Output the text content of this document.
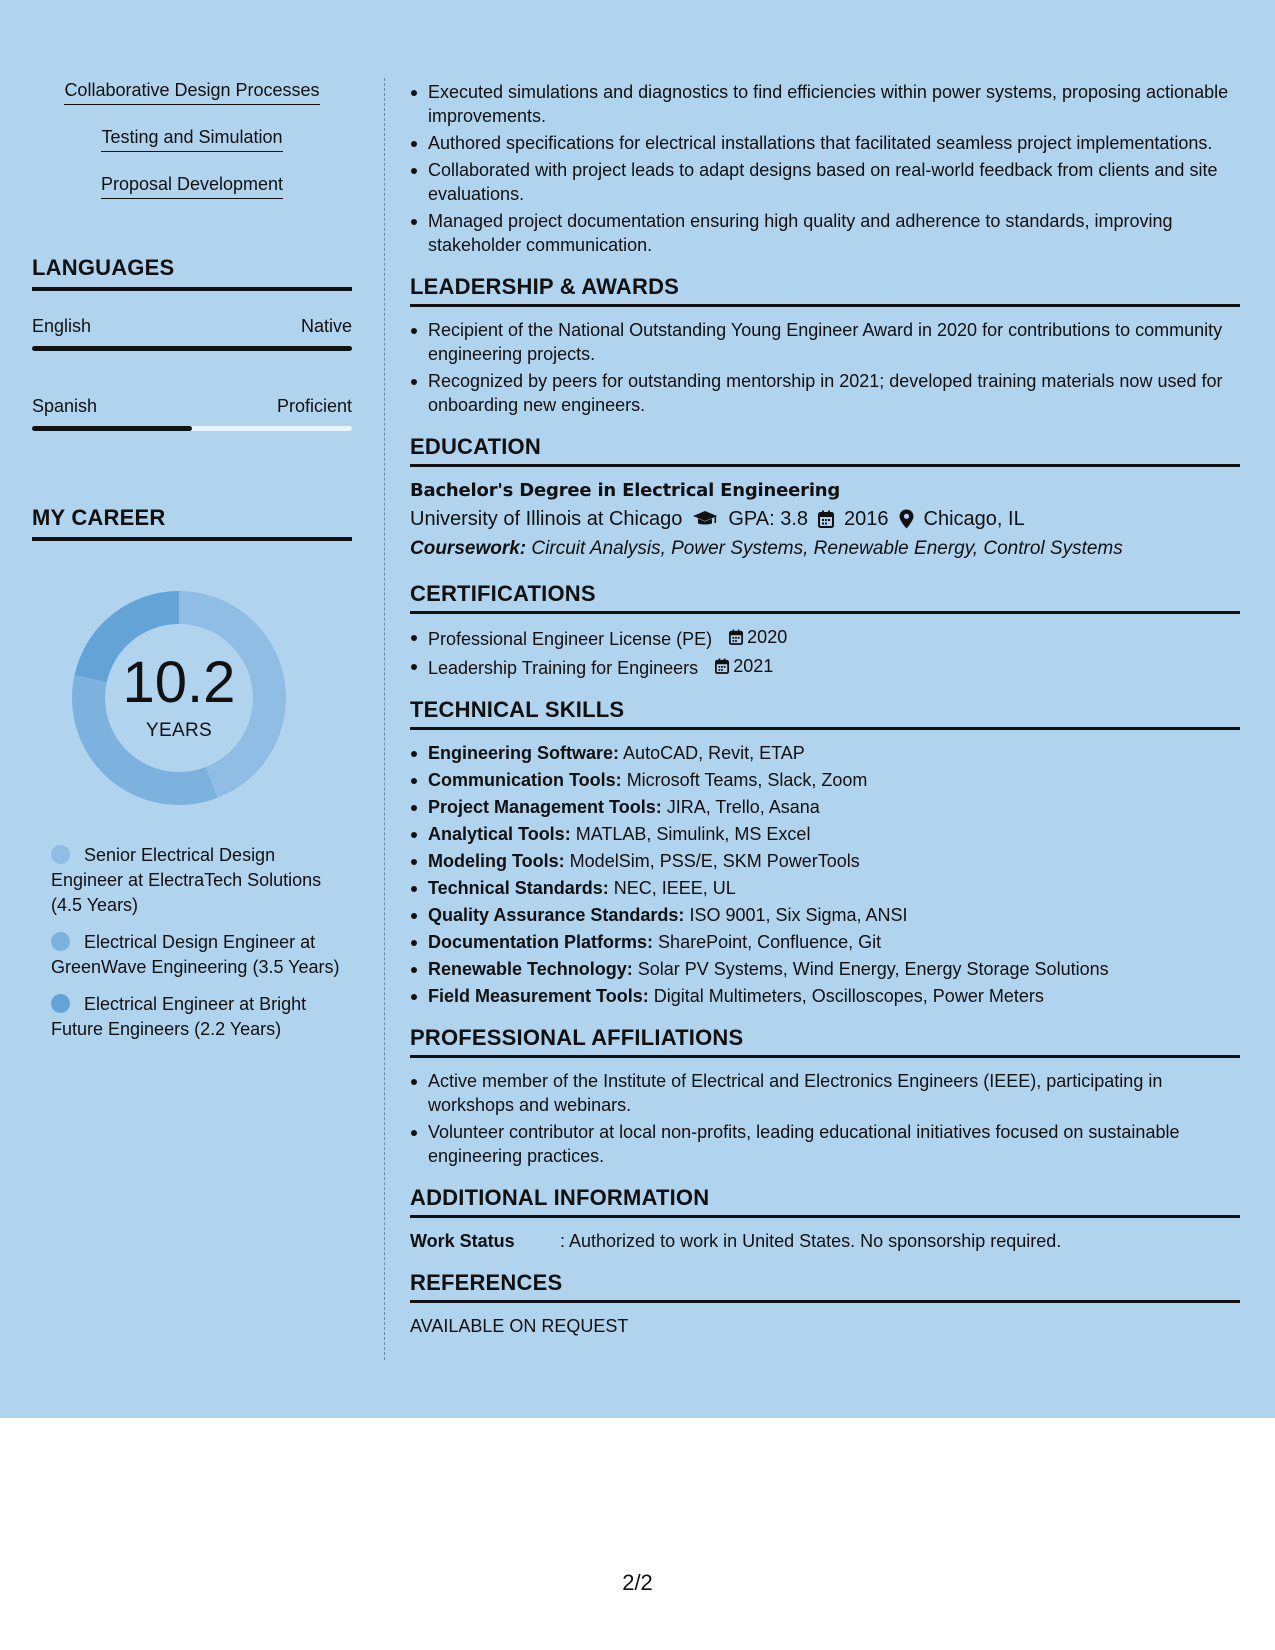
Collaborative Design Processes
Testing and Simulation
Proposal Development
LANGUAGES
English	Native
Spanish	Proficient
MY CAREER
10.2
YEARS
Senior Electrical Design Engineer at ElectraTech Solutions (4.5 Years)
Electrical Design Engineer at GreenWave Engineering (3.5 Years)
Electrical Engineer at Bright Future Engineers (2.2 Years)
Executed simulations and diagnostics to find efficiencies within power systems, proposing actionable improvements.
Authored specifications for electrical installations that facilitated seamless project implementations.
Collaborated with project leads to adapt designs based on real-world feedback from clients and site evaluations.
Managed project documentation ensuring high quality and adherence to standards, improving stakeholder communication.
LEADERSHIP & AWARDS
Recipient of the National Outstanding Young Engineer Award in 2020 for contributions to community engineering projects.
Recognized by peers for outstanding mentorship in 2021; developed training materials now used for onboarding new engineers.
EDUCATION
Bachelor's Degree in Electrical Engineering
University of Illinois at Chicago GPA: 3.8 2016 Chicago, IL
Coursework: Circuit Analysis, Power Systems, Renewable Energy, Control Systems
CERTIFICATIONS
Professional Engineer License (PE) 2020
Leadership Training for Engineers 2021
TECHNICAL SKILLS
Engineering Software: AutoCAD, Revit, ETAP
Communication Tools: Microsoft Teams, Slack, Zoom
Project Management Tools: JIRA, Trello, Asana
Analytical Tools: MATLAB, Simulink, MS Excel
Modeling Tools: ModelSim, PSS/E, SKM PowerTools
Technical Standards: NEC, IEEE, UL
Quality Assurance Standards: ISO 9001, Six Sigma, ANSI
Documentation Platforms: SharePoint, Confluence, Git
Renewable Technology: Solar PV Systems, Wind Energy, Energy Storage Solutions
Field Measurement Tools: Digital Multimeters, Oscilloscopes, Power Meters
PROFESSIONAL AFFILIATIONS
Active member of the Institute of Electrical and Electronics Engineers (IEEE), participating in workshops and webinars.
Volunteer contributor at local non-profits, leading educational initiatives focused on sustainable engineering practices.
ADDITIONAL INFORMATION
Work Status	: Authorized to work in United States. No sponsorship required.
REFERENCES
AVAILABLE ON REQUEST
2/2
